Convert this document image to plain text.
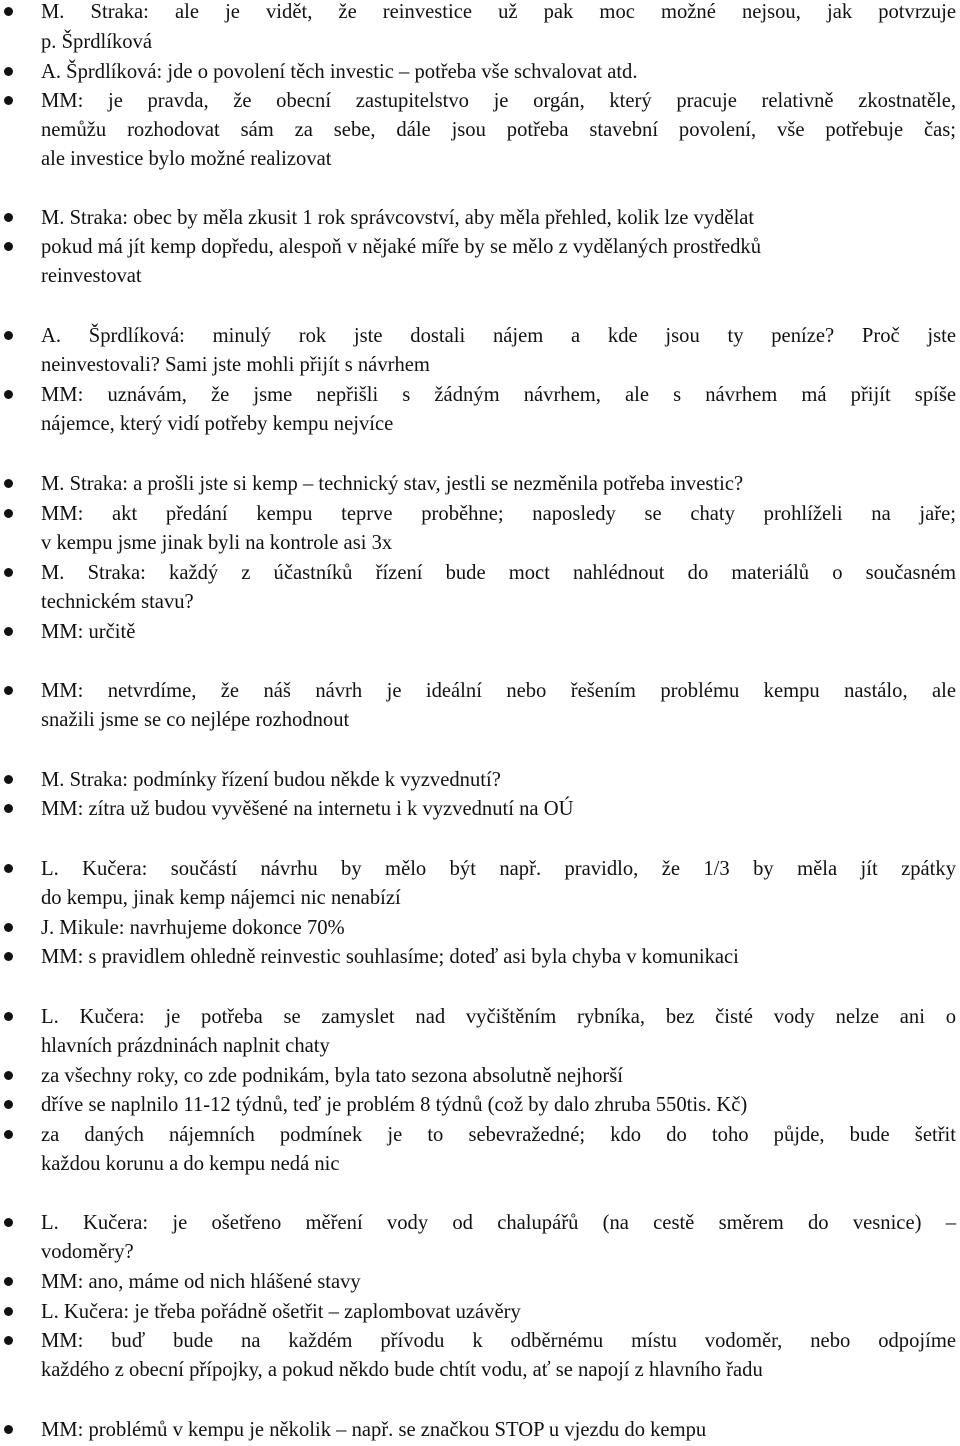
M. Straka: ale je vidět, že reinvestice už pak moc možné nejsou, jak potvrzuje
p. Šprdlíková
A. Šprdlíková: jde o povolení těch investic – potřeba vše schvalovat atd.
MM: je pravda, že obecní zastupitelstvo je orgán, který pracuje relativně zkostnatěle,
nemůžu rozhodovat sám za sebe, dále jsou potřeba stavební povolení, vše potřebuje čas;
ale investice bylo možné realizovat
M. Straka: obec by měla zkusit 1 rok správcovství, aby měla přehled, kolik lze vydělat
pokud má jít kemp dopředu, alespoň v nějaké míře by se mělo z vydělaných prostředků
reinvestovat
A. Šprdlíková: minulý rok jste dostali nájem a kde jsou ty peníze? Proč jste
neinvestovali? Sami jste mohli přijít s návrhem
MM: uznávám, že jsme nepřišli s žádným návrhem, ale s návrhem má přijít spíše
nájemce, který vidí potřeby kempu nejvíce
M. Straka: a prošli jste si kemp – technický stav, jestli se nezměnila potřeba investic?
MM: akt předání kempu teprve proběhne; naposledy se chaty prohlíželi na jaře;
v kempu jsme jinak byli na kontrole asi 3x
M. Straka: každý z účastníků řízení bude moct nahlédnout do materiálů o současném
technickém stavu?
MM: určitě
MM: netvrdíme, že náš návrh je ideální nebo řešením problému kempu nastálo, ale
snažili jsme se co nejlépe rozhodnout
M. Straka: podmínky řízení budou někde k vyzvednutí?
MM: zítra už budou vyvěšené na internetu i k vyzvednutí na OÚ
L. Kučera: součástí návrhu by mělo být např. pravidlo, že 1/3 by měla jít zpátky
do kempu, jinak kemp nájemci nic nenabízí
J. Mikule: navrhujeme dokonce 70%
MM: s pravidlem ohledně reinvestic souhlasíme; doteď asi byla chyba v komunikaci
L. Kučera: je potřeba se zamyslet nad vyčištěním rybníka, bez čisté vody nelze ani o
hlavních prázdninách naplnit chaty
za všechny roky, co zde podnikám, byla tato sezona absolutně nejhorší
dříve se naplnilo 11-12 týdnů, teď je problém 8 týdnů (což by dalo zhruba 550tis. Kč)
za daných nájemních podmínek je to sebevražedné; kdo do toho půjde, bude šetřit
každou korunu a do kempu nedá nic
L. Kučera: je ošetřeno měření vody od chalupářů (na cestě směrem do vesnice) –
vodoměry?
MM: ano, máme od nich hlášené stavy
L. Kučera: je třeba pořádně ošetřit – zaplombovat uzávěry
MM: buď bude na každém přívodu k odběrnému místu vodoměr, nebo odpojíme
každého z obecní přípojky, a pokud někdo bude chtít vodu, ať se napojí z hlavního řadu
MM: problémů v kempu je několik – např. se značkou STOP u vjezdu do kempu
